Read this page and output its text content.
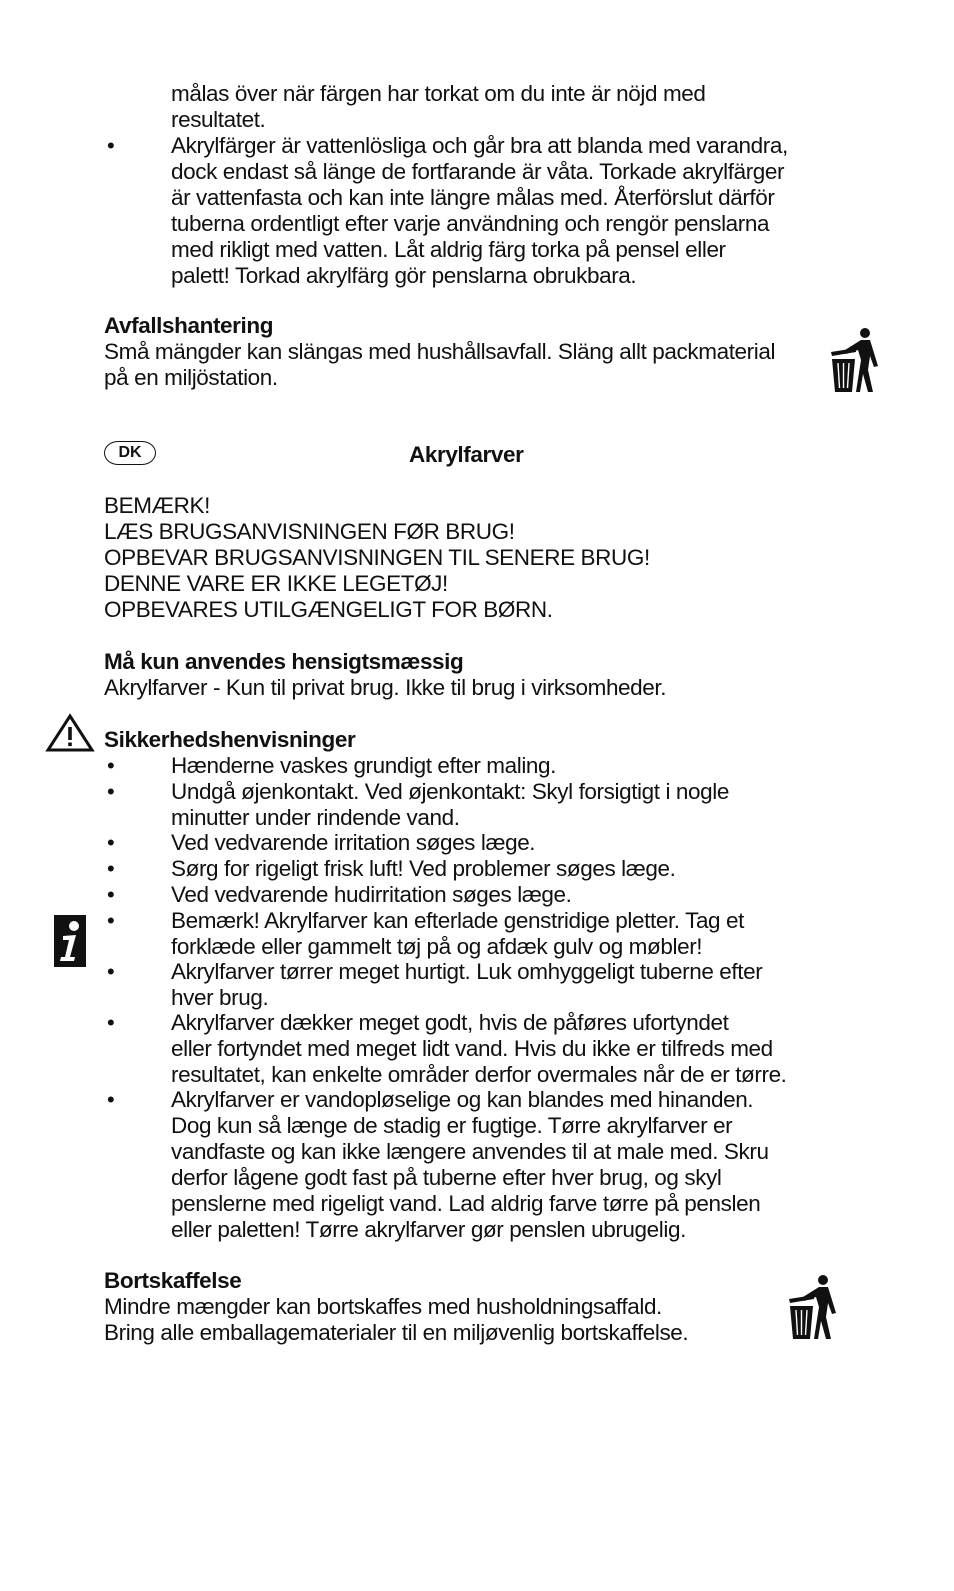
målas över när färgen har torkat om du inte är nöjd med
resultatet.
•	Akrylfärger är vattenlösliga och går bra att blanda med varandra,
dock endast så länge de fortfarande är våta. Torkade akrylfärger
är vattenfasta och kan inte längre målas med. Återförslut därför
tuberna ordentligt efter varje användning och rengör penslarna
med rikligt med vatten. Låt aldrig färg torka på pensel eller
palett! Torkad akrylfärg gör penslarna obrukbara.
Avfallshantering
Små mängder kan slängas med hushållsavfall. Släng allt packmaterial
på en miljöstation.
DK	Akrylfarver
BEMÆRK!
LÆS BRUGSANVISNINGEN FØR BRUG!
OPBEVAR BRUGSANVISNINGEN TIL SENERE BRUG!
DENNE VARE ER IKKE LEGETØJ!
OPBEVARES UTILGÆNGELIGT FOR BØRN.
Må kun anvendes hensigtsmæssig
Akrylfarver - Kun til privat brug. Ikke til brug i virksomheder.
Sikkerhedshenvisninger
•	Hænderne vaskes grundigt efter maling.
•	Undgå øjenkontakt. Ved øjenkontakt: Skyl forsigtigt i nogle
minutter under rindende vand.
•	Ved vedvarende irritation søges læge.
•	Sørg for rigeligt frisk luft! Ved problemer søges læge.
•	Ved vedvarende hudirritation søges læge.
•	Bemærk! Akrylfarver kan efterlade genstridige pletter. Tag et
forklæde eller gammelt tøj på og afdæk gulv og møbler!
•	Akrylfarver tørrer meget hurtigt. Luk omhyggeligt tuberne efter
hver brug.
•	Akrylfarver dækker meget godt, hvis de påføres ufortyndet
eller fortyndet med meget lidt vand. Hvis du ikke er tilfreds med
resultatet, kan enkelte områder derfor overmales når de er tørre.
•	Akrylfarver er vandopløselige og kan blandes med hinanden.
Dog kun så længe de stadig er fugtige. Tørre akrylfarver er
vandfaste og kan ikke længere anvendes til at male med. Skru
derfor lågene godt fast på tuberne efter hver brug, og skyl
penslerne med rigeligt vand. Lad aldrig farve tørre på penslen
eller paletten! Tørre akrylfarver gør penslen ubrugelig.
Bortskaffelse
Mindre mængder kan bortskaffes med husholdningsaffald.
Bring alle emballagematerialer til en miljøvenlig bortskaffelse.
